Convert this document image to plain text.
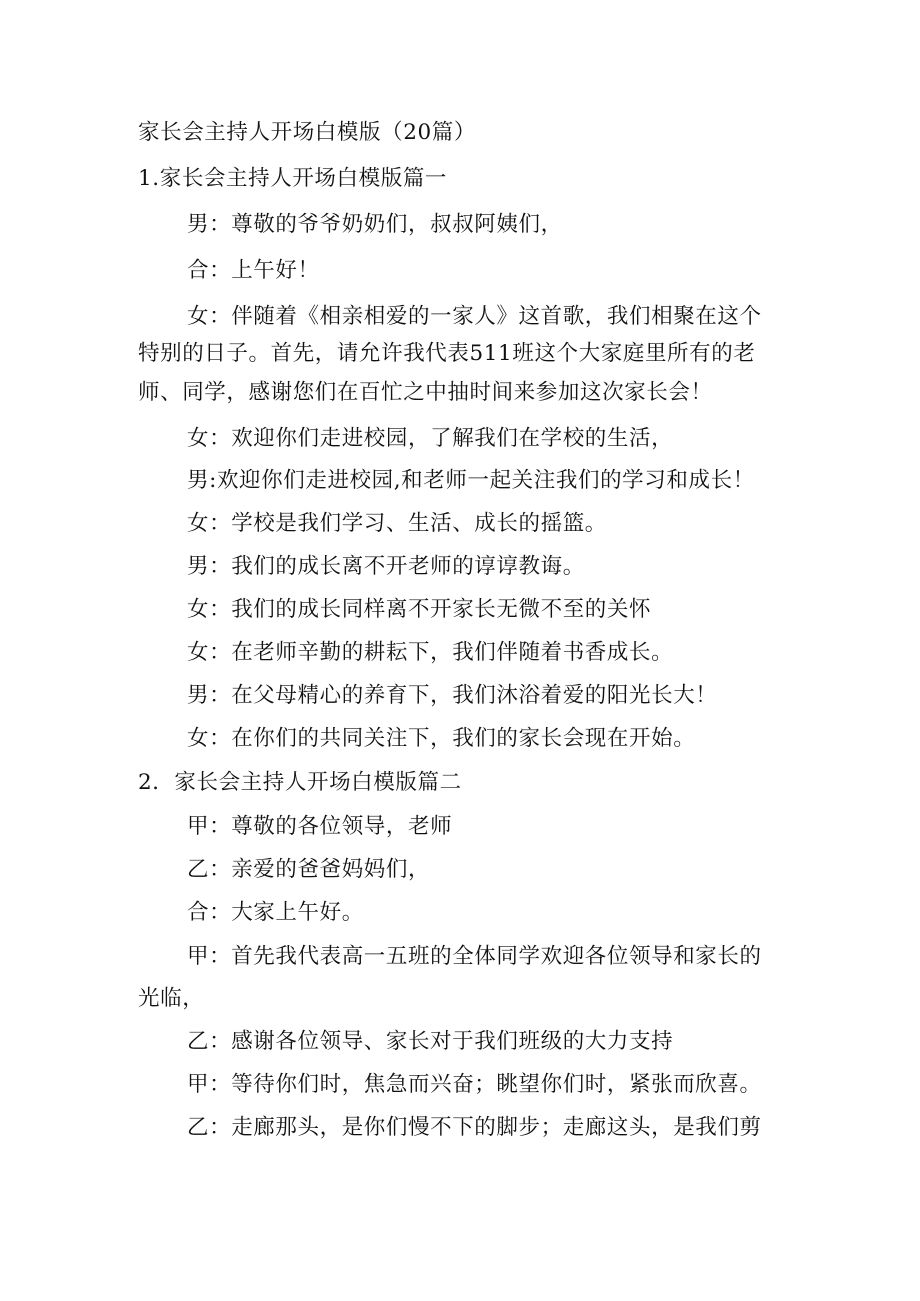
家长会主持人开场白模版（20篇）
1.家长会主持人开场白模版篇一
男：尊敬的爷爷奶奶们，叔叔阿姨们，
合：上午好！
女：伴随着《相亲相爱的一家人》这首歌，我们相聚在这个
特别的日子。首先，请允许我代表511班这个大家庭里所有的老
师、同学，感谢您们在百忙之中抽时间来参加这次家长会！
女：欢迎你们走进校园，了解我们在学校的生活，
男:欢迎你们走进校园,和老师一起关注我们的学习和成长！
女：学校是我们学习、生活、成长的摇篮。
男：我们的成长离不开老师的谆谆教诲。
女：我们的成长同样离不开家长无微不至的关怀
女：在老师辛勤的耕耘下，我们伴随着书香成长。
男：在父母精心的养育下，我们沐浴着爱的阳光长大！
女：在你们的共同关注下，我们的家长会现在开始。
2．家长会主持人开场白模版篇二
甲：尊敬的各位领导，老师
乙：亲爱的爸爸妈妈们，
合：大家上午好。
甲：首先我代表高一五班的全体同学欢迎各位领导和家长的
光临，
乙：感谢各位领导、家长对于我们班级的大力支持
甲：等待你们时，焦急而兴奋；眺望你们时，紧张而欣喜。
乙：走廊那头，是你们慢不下的脚步；走廊这头，是我们剪
